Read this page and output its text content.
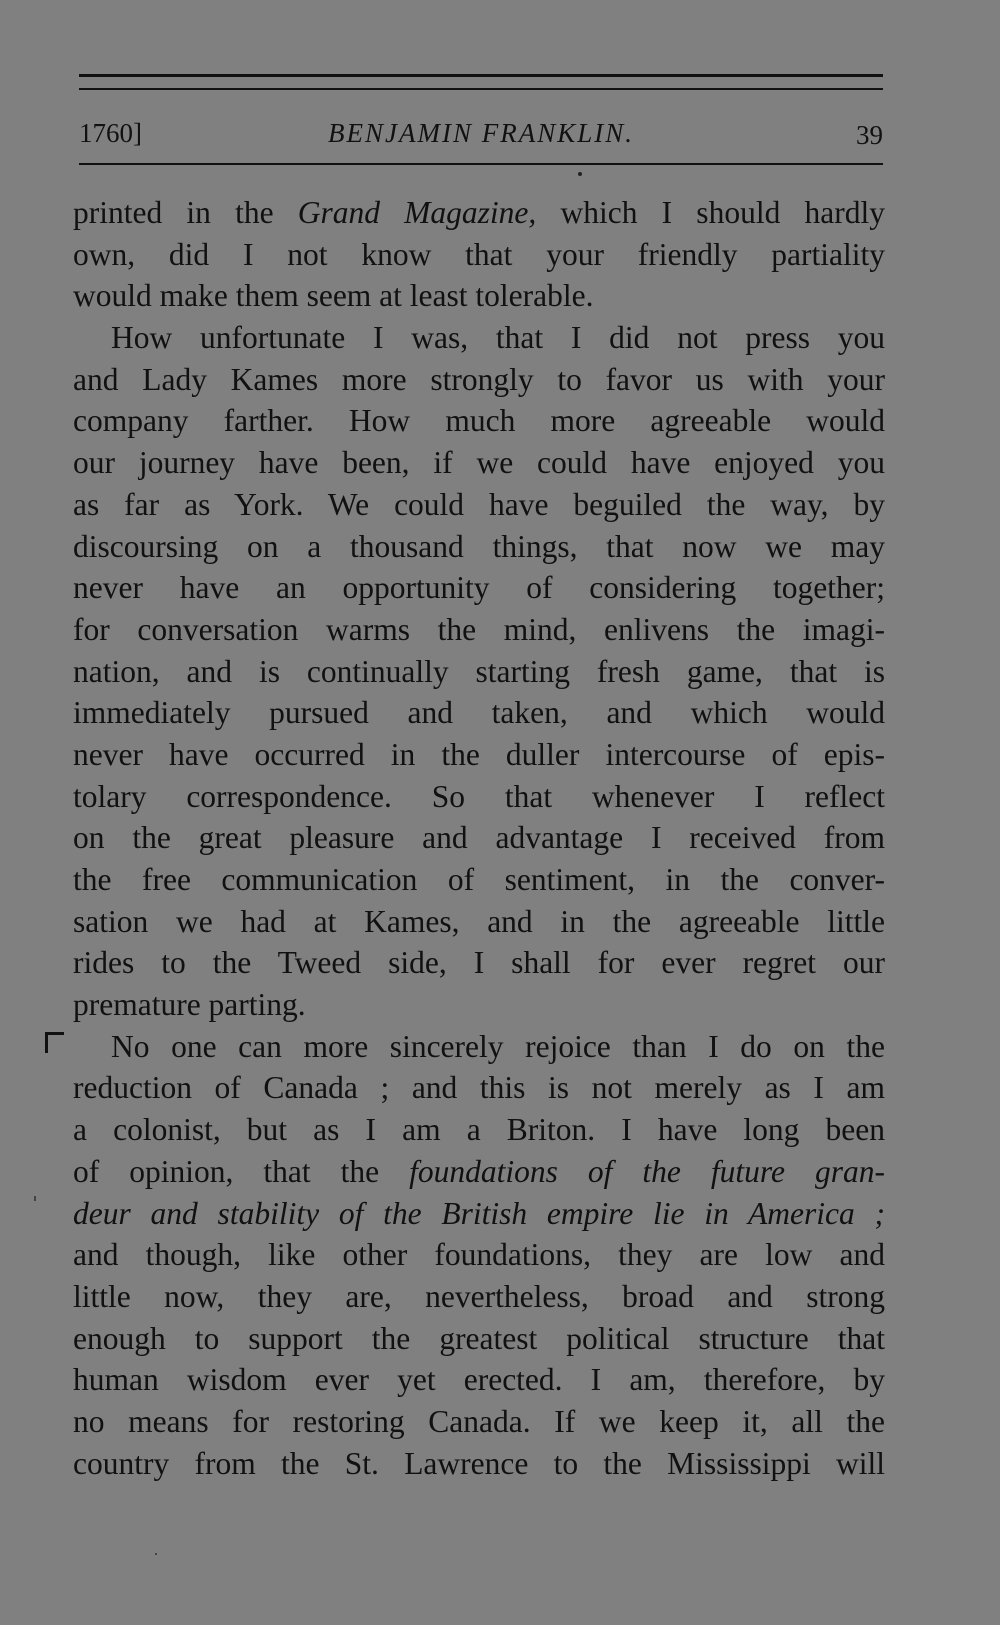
1760]	BENJAMIN FRANKLIN.	39
printed in the Grand Magazine, which I should hardly
own, did I not know that your friendly partiality
would make them seem at least tolerable.
How unfortunate I was, that I did not press you
and Lady Kames more strongly to favor us with your
company farther. How much more agreeable would
our journey have been, if we could have enjoyed you
as far as York. We could have beguiled the way, by
discoursing on a thousand things, that now we may
never have an opportunity of considering together;
for conversation warms the mind, enlivens the imagi-
nation, and is continually starting fresh game, that is
immediately pursued and taken, and which would
never have occurred in the duller intercourse of epis-
tolary correspondence. So that whenever I reflect
on the great pleasure and advantage I received from
the free communication of sentiment, in the conver-
sation we had at Kames, and in the agreeable little
rides to the Tweed side, I shall for ever regret our
premature parting.
No one can more sincerely rejoice than I do on the
reduction of Canada ; and this is not merely as I am
a colonist, but as I am a Briton. I have long been
of opinion, that the foundations of the future gran-
deur and stability of the British empire lie in America ;
and though, like other foundations, they are low and
little now, they are, nevertheless, broad and strong
enough to support the greatest political structure that
human wisdom ever yet erected. I am, therefore, by
no means for restoring Canada. If we keep it, all the
country from the St. Lawrence to the Mississippi will
